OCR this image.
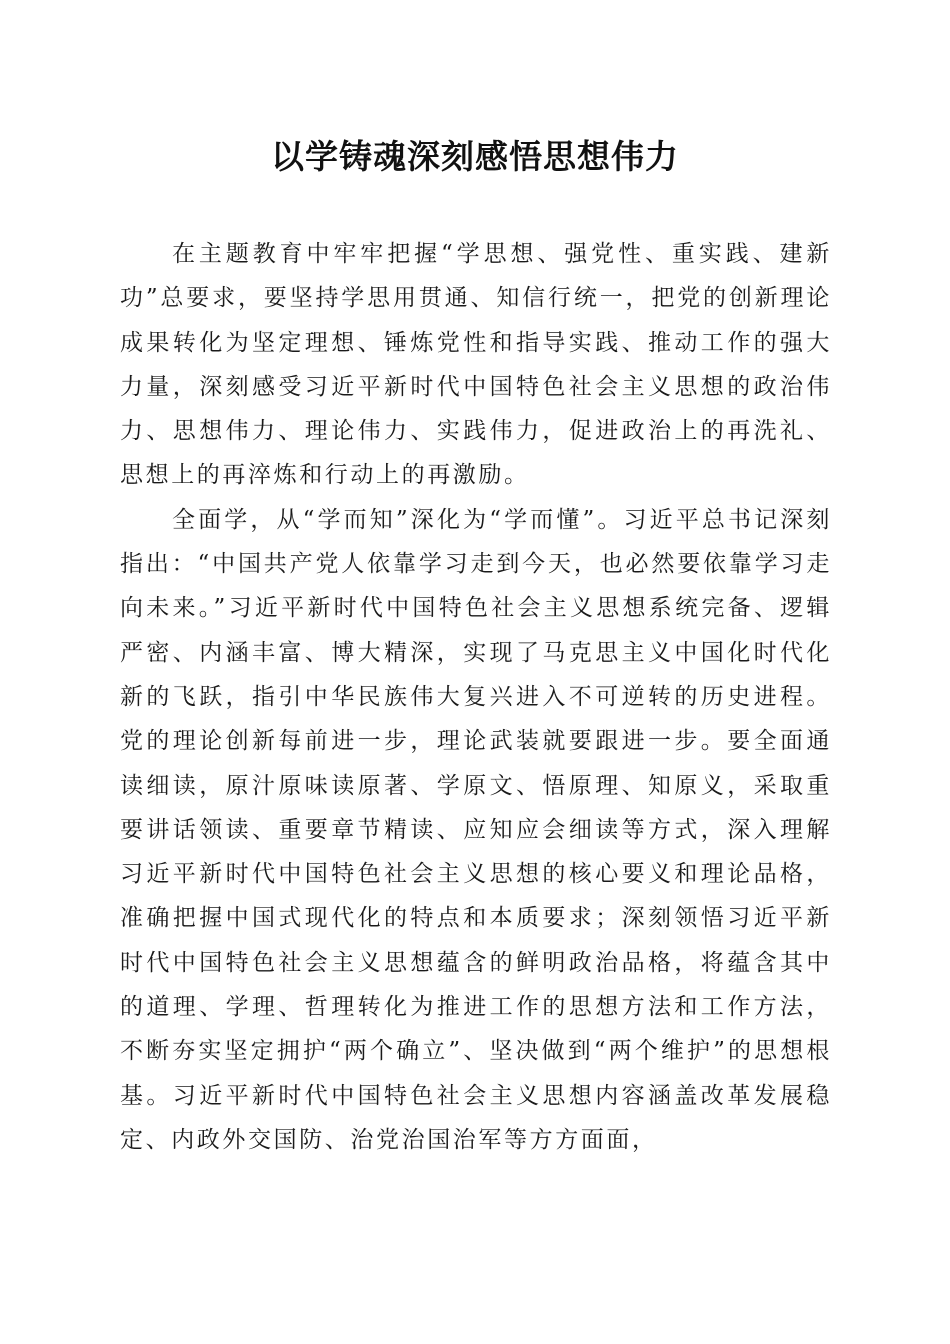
以学铸魂深刻感悟思想伟力

在主题教育中牢牢把握“学思想、强党性、重实践、建新功”总要求，要坚持学思用贯通、知信行统一，把党的创新理论成果转化为坚定理想、锤炼党性和指导实践、推动工作的强大力量，深刻感受习近平新时代中国特色社会主义思想的政治伟力、思想伟力、理论伟力、实践伟力，促进政治上的再洗礼、思想上的再淬炼和行动上的再激励。

全面学，从“学而知”深化为“学而懂”。习近平总书记深刻指出：“中国共产党人依靠学习走到今天，也必然要依靠学习走向未来。”习近平新时代中国特色社会主义思想系统完备、逻辑严密、内涵丰富、博大精深，实现了马克思主义中国化时代化新的飞跃，指引中华民族伟大复兴进入不可逆转的历史进程。党的理论创新每前进一步，理论武装就要跟进一步。要全面通读细读，原汁原味读原著、学原文、悟原理、知原义，采取重要讲话领读、重要章节精读、应知应会细读等方式，深入理解习近平新时代中国特色社会主义思想的核心要义和理论品格，准确把握中国式现代化的特点和本质要求；深刻领悟习近平新时代中国特色社会主义思想蕴含的鲜明政治品格，将蕴含其中的道理、学理、哲理转化为推进工作的思想方法和工作方法，不断夯实坚定拥护“两个确立”、坚决做到“两个维护”的思想根基。习近平新时代中国特色社会主义思想内容涵盖改革发展稳定、内政外交国防、治党治国治军等方方面面，
